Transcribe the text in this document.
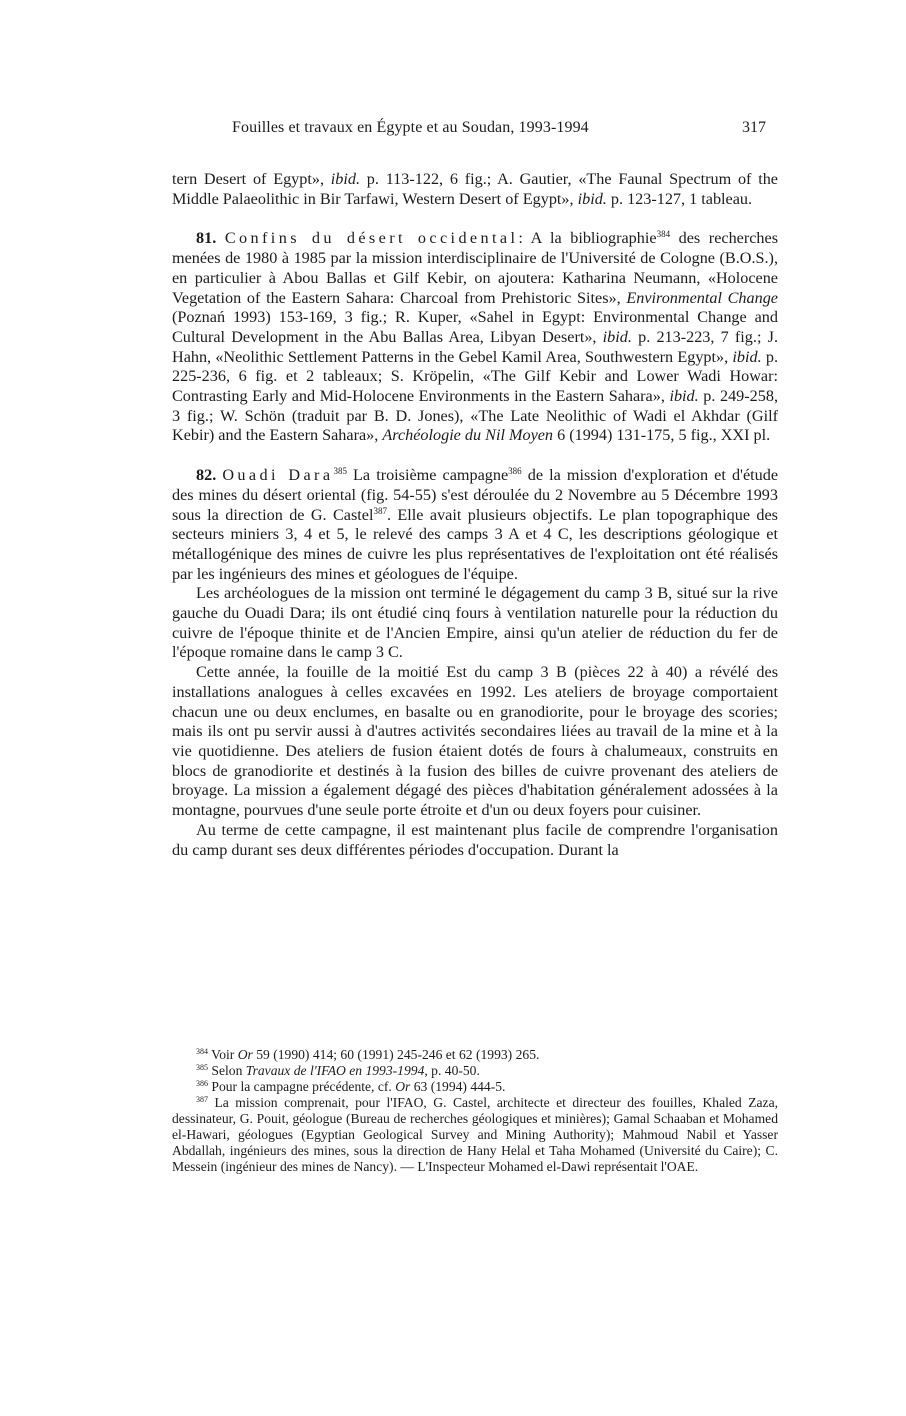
Fouilles et travaux en Égypte et au Soudan, 1993-1994	317

tern Desert of Egypt», ibid. p. 113-122, 6 fig.; A. Gautier, «The Faunal Spectrum of the Middle Palaeolithic in Bir Tarfawi, Western Desert of Egypt», ibid. p. 123-127, 1 tableau.

81. Confins du désert occidental: A la bibliographie$^{384}$ des recherches menées de 1980 à 1985 par la mission interdisciplinaire de l'Université de Cologne (B.O.S.), en particulier à Abou Ballas et Gilf Kebir, on ajoutera: Katharina Neumann, «Holocene Vegetation of the Eastern Sahara: Charcoal from Prehistoric Sites», Environmental Change (Poznań 1993) 153-169, 3 fig.; R. Kuper, «Sahel in Egypt: Environmental Change and Cultural Development in the Abu Ballas Area, Libyan Desert», ibid. p. 213-223, 7 fig.; J. Hahn, «Neolithic Settlement Patterns in the Gebel Kamil Area, Southwestern Egypt», ibid. p. 225-236, 6 fig. et 2 tableaux; S. Kröpelin, «The Gilf Kebir and Lower Wadi Howar: Contrasting Early and Mid-Holocene Environments in the Eastern Sahara», ibid. p. 249-258, 3 fig.; W. Schön (traduit par B. D. Jones), «The Late Neolithic of Wadi el Akhdar (Gilf Kebir) and the Eastern Sahara», Archéologie du Nil Moyen 6 (1994) 131-175, 5 fig., XXI pl.

82. Ouadi Dara$^{385}$ La troisième campagne$^{386}$ de la mission d'exploration et d'étude des mines du désert oriental (fig. 54-55) s'est déroulée du 2 Novembre au 5 Décembre 1993 sous la direction de G. Castel$^{387}$. Elle avait plusieurs objectifs. Le plan topographique des secteurs miniers 3, 4 et 5, le relevé des camps 3 A et 4 C, les descriptions géologique et métallogénique des mines de cuivre les plus représentatives de l'exploitation ont été réalisés par les ingénieurs des mines et géologues de l'équipe.

Les archéologues de la mission ont terminé le dégagement du camp 3 B, situé sur la rive gauche du Ouadi Dara; ils ont étudié cinq fours à ventilation naturelle pour la réduction du cuivre de l'époque thinite et de l'Ancien Empire, ainsi qu'un atelier de réduction du fer de l'époque romaine dans le camp 3 C.

Cette année, la fouille de la moitié Est du camp 3 B (pièces 22 à 40) a révélé des installations analogues à celles excavées en 1992. Les ateliers de broyage comportaient chacun une ou deux enclumes, en basalte ou en granodiorite, pour le broyage des scories; mais ils ont pu servir aussi à d'autres activités secondaires liées au travail de la mine et à la vie quotidienne. Des ateliers de fusion étaient dotés de fours à chalumeaux, construits en blocs de granodiorite et destinés à la fusion des billes de cuivre provenant des ateliers de broyage. La mission a également dégagé des pièces d'habitation généralement adossées à la montagne, pourvues d'une seule porte étroite et d'un ou deux foyers pour cuisiner.

Au terme de cette campagne, il est maintenant plus facile de comprendre l'organisation du camp durant ses deux différentes périodes d'occupation. Durant la

$^{384}$ Voir Or 59 (1990) 414; 60 (1991) 245-246 et 62 (1993) 265.

$^{385}$ Selon Travaux de l'IFAO en 1993-1994, p. 40-50.

$^{386}$ Pour la campagne précédente, cf. Or 63 (1994) 444-5.

$^{387}$ La mission comprenait, pour l'IFAO, G. Castel, architecte et directeur des fouilles, Khaled Zaza, dessinateur, G. Pouit, géologue (Bureau de recherches géologiques et minières); Gamal Schaaban et Mohamed el-Hawari, géologues (Egyptian Geological Survey and Mining Authority); Mahmoud Nabil et Yasser Abdallah, ingénieurs des mines, sous la direction de Hany Helal et Taha Mohamed (Université du Caire); C. Messein (ingénieur des mines de Nancy). — L'Inspecteur Mohamed el-Dawi représentait l'OAE.
